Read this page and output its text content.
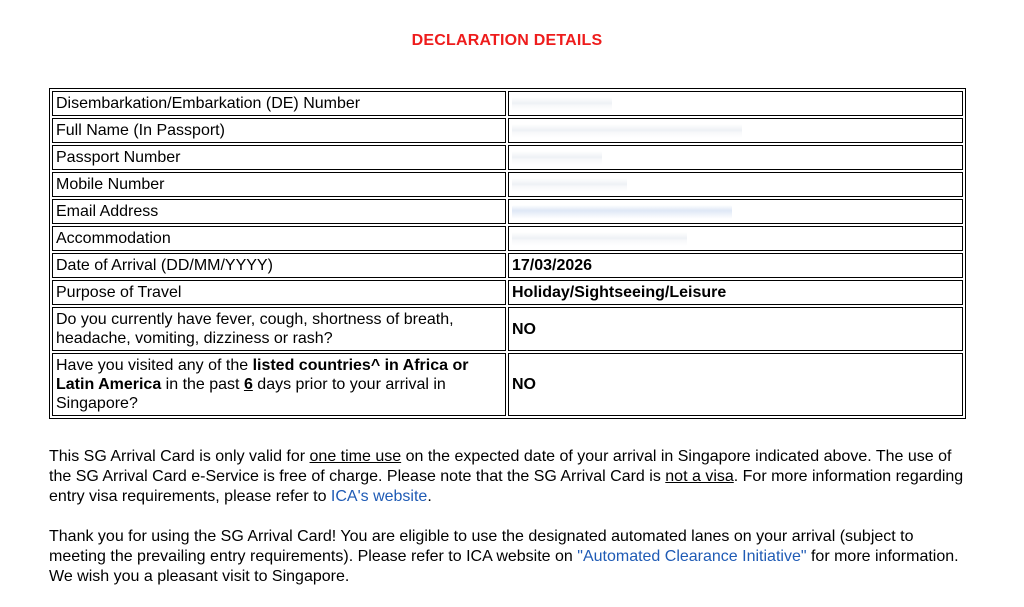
DECLARATION DETAILS
Disembarkation/Embarkation (DE) Number	
Full Name (In Passport)	
Passport Number	
Mobile Number	
Email Address	
Accommodation	
Date of Arrival (DD/MM/YYYY)	17/03/2026
Purpose of Travel	Holiday/Sightseeing/Leisure
Do you currently have fever, cough, shortness of breath, headache, vomiting, dizziness or rash?	NO
Have you visited any of the listed countries^ in Africa or Latin America in the past 6 days prior to your arrival in Singapore?	NO

This SG Arrival Card is only valid for one time use on the expected date of your arrival in Singapore indicated above. The use of the SG Arrival Card e-Service is free of charge. Please note that the SG Arrival Card is not a visa. For more information regarding entry visa requirements, please refer to ICA's website.

Thank you for using the SG Arrival Card! You are eligible to use the designated automated lanes on your arrival (subject to meeting the prevailing entry requirements). Please refer to ICA website on "Automated Clearance Initiative" for more information. We wish you a pleasant visit to Singapore.
